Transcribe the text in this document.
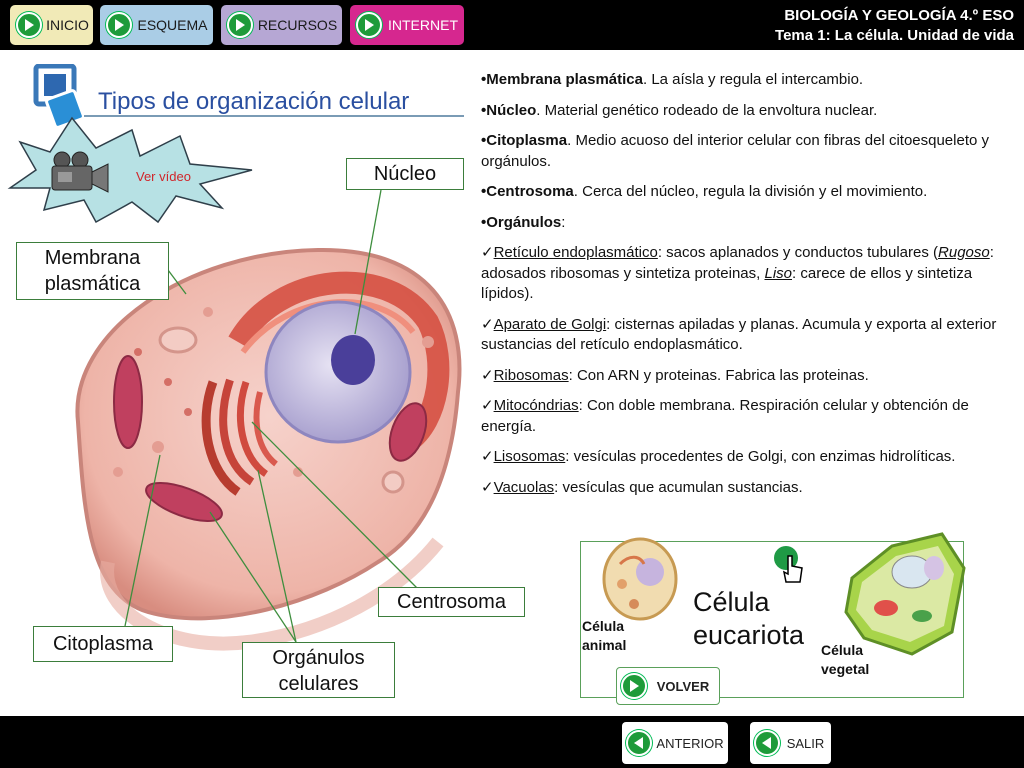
INICIO	ESQUEMA	RECURSOS	INTERNET
BIOLOGÍA Y GEOLOGÍA 4.º ESO
Tema 1: La célula. Unidad de vida
Tipos de organización celular
Ver vídeo	Núcleo
Membrana plasmática
Centrosoma
Citoplasma
Orgánulos celulares

•Membrana plasmática. La aísla y regula el intercambio.

•Núcleo. Material genético rodeado de la envoltura nuclear.

•Citoplasma. Medio acuoso del interior celular con fibras del citoesqueleto y orgánulos.

•Centrosoma. Cerca del núcleo, regula la división y el movimiento.

•Orgánulos:

✓Retículo endoplasmático: sacos aplanados y conductos tubulares (Rugoso: adosados ribosomas y sintetiza proteinas, Liso: carece de ellos y sintetiza lípidos).

✓Aparato de Golgi: cisternas apiladas y planas. Acumula y exporta al exterior sustancias del retículo endoplasmático.

✓Ribosomas: Con ARN y proteinas. Fabrica las proteinas.

✓Mitocóndrias: Con doble membrana. Respiración celular y obtención de energía.

✓Lisosomas: vesículas procedentes de Golgi, con enzimas hidrolíticas.

✓Vacuolas: vesículas que acumulan sustancias.

Célula
animal
Célula
eucariota Célula
vegetal
VOLVER
ANTERIOR	SALIR
